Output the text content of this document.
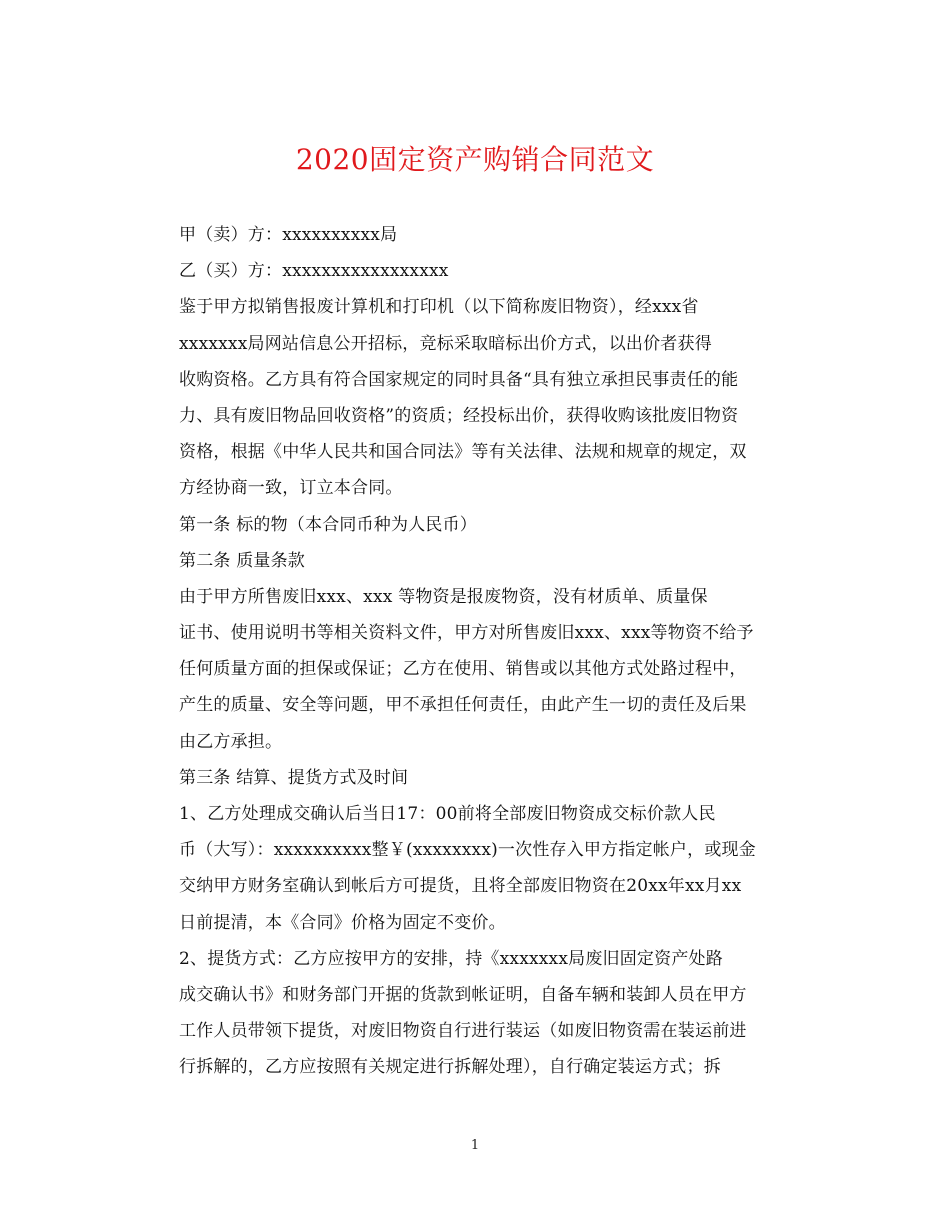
2020固定资产购销合同范文
甲（卖）方：xxxxxxxxxx局
乙（买）方：xxxxxxxxxxxxxxxxx
鉴于甲方拟销售报废计算机和打印机（以下简称废旧物资），经xxx省
xxxxxxx局网站信息公开招标，竞标采取暗标出价方式，以出价者获得
收购资格。乙方具有符合国家规定的同时具备“具有独立承担民事责任的能
力、具有废旧物品回收资格”的资质；经投标出价，获得收购该批废旧物资
资格，根据《中华人民共和国合同法》等有关法律、法规和规章的规定，双
方经协商一致，订立本合同。
第一条 标的物（本合同币种为人民币）
第二条 质量条款
由于甲方所售废旧xxx、xxx 等物资是报废物资，没有材质单、质量保
证书、使用说明书等相关资料文件，甲方对所售废旧xxx、xxx等物资不给予
任何质量方面的担保或保证；乙方在使用、销售或以其他方式处路过程中，
产生的质量、安全等问题，甲不承担任何责任，由此产生一切的责任及后果
由乙方承担。
第三条 结算、提货方式及时间
1、乙方处理成交确认后当日17：00前将全部废旧物资成交标价款人民
币（大写）：xxxxxxxxxx整￥(xxxxxxxx)一次性存入甲方指定帐户，或现金
交纳甲方财务室确认到帐后方可提货，且将全部废旧物资在20xx年xx月xx
日前提清，本《合同》价格为固定不变价。
2、提货方式：乙方应按甲方的安排，持《xxxxxxx局废旧固定资产处路
成交确认书》和财务部门开据的货款到帐证明，自备车辆和装卸人员在甲方
工作人员带领下提货，对废旧物资自行进行装运（如废旧物资需在装运前进
行拆解的，乙方应按照有关规定进行拆解处理），自行确定装运方式；拆
1
